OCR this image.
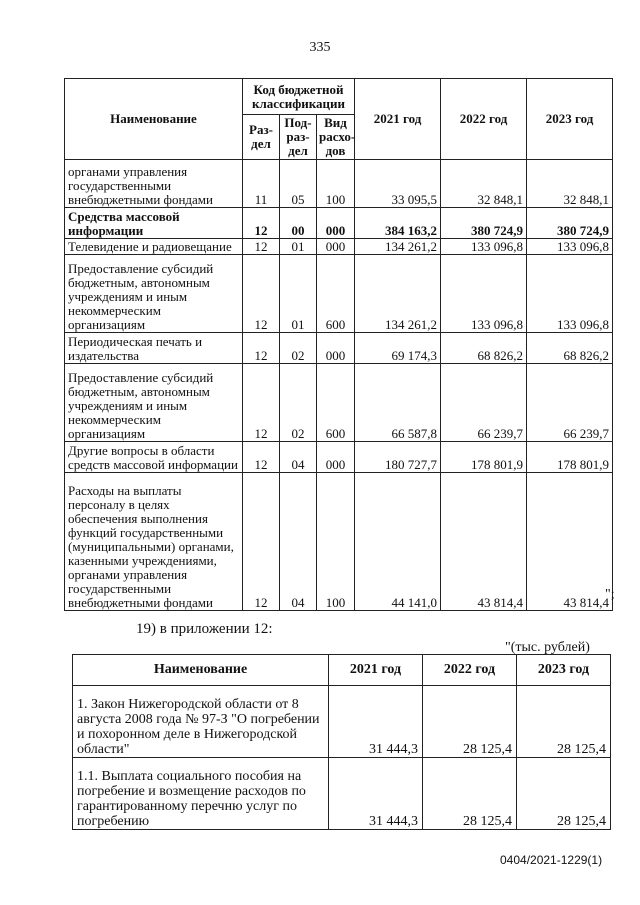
335
Наименование	Код бюджетной классификации			2021 год	2022 год	2023 год
	Раз-дел	Под-раз-дел	Вид расхо-дов			
органами управления государственными внебюджетными фондами	11	05	100	33 095,5	32 848,1	32 848,1
Средства массовой информации	12	00	000	384 163,2	380 724,9	380 724,9
Телевидение и радиовещание	12	01	000	134 261,2	133 096,8	133 096,8
Предоставление субсидий бюджетным, автономным учреждениям и иным некоммерческим организациям	12	01	600	134 261,2	133 096,8	133 096,8
Периодическая печать и издательства	12	02	000	69 174,3	68 826,2	68 826,2
Предоставление субсидий бюджетным, автономным учреждениям и иным некоммерческим организациям	12	02	600	66 587,8	66 239,7	66 239,7
Другие вопросы в области средств массовой информации	12	04	000	180 727,7	178 801,9	178 801,9
Расходы на выплаты персоналу в целях обеспечения выполнения функций государственными (муниципальными) органами, казенными учреждениями, органами управления государственными внебюджетными фондами	12	04	100	44 141,0	43 814,4	43 814,4
";
19) в приложении 12:
"(тыс. рублей)
Наименование	2021 год	2022 год	2023 год
1. Закон Нижегородской области от 8 августа 2008 года № 97-З "О погребении и похоронном деле в Нижегородской области"	31 444,3	28 125,4	28 125,4
1.1. Выплата социального пособия на погребение и возмещение расходов по гарантированному перечню услуг по погребению	31 444,3	28 125,4	28 125,4
0404/2021-1229(1)
